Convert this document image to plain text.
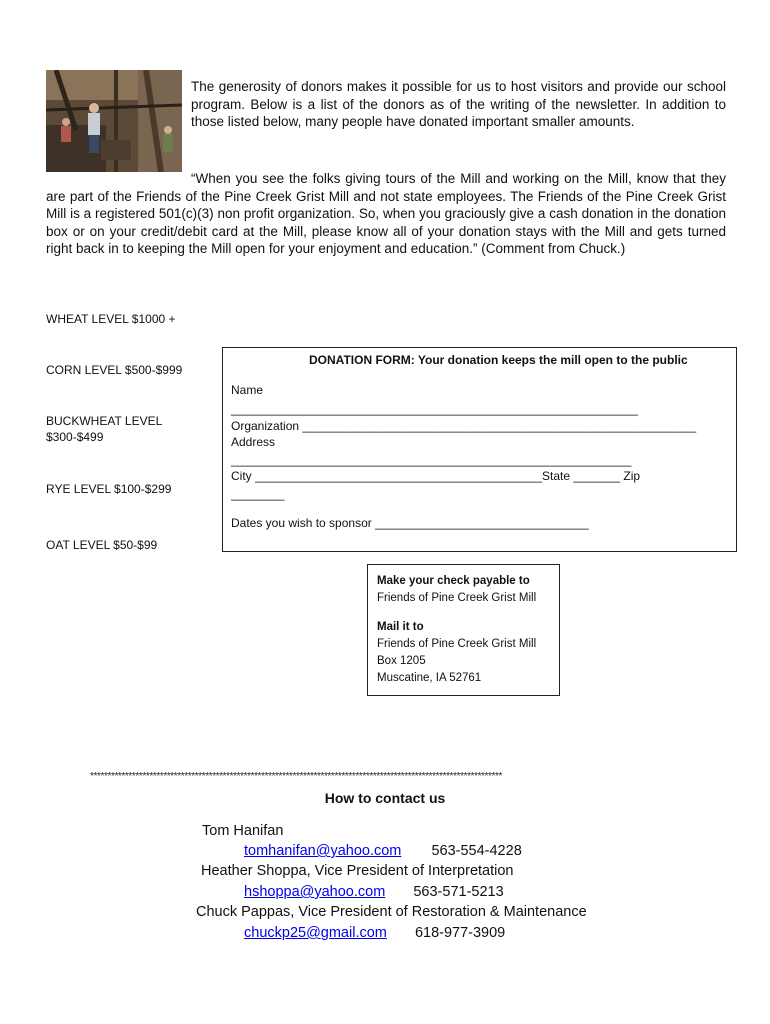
The generosity of donors makes it possible for us to host visitors and provide our school program. Below is a list of the donors as of the writing of the newsletter. In addition to those listed below, many people have donated important smaller amounts.

“When you see the folks giving tours of the Mill and working on the Mill, know that they are part of the Friends of the Pine Creek Grist Mill and not state employees. The Friends of the Pine Creek Grist Mill is a registered 501(c)(3) non profit organization. So, when you graciously give a cash donation in the donation box or on your credit/debit card at the Mill, please know all of your donation stays with the Mill and gets turned right back in to keeping the Mill open for your enjoyment and education.” (Comment from Chuck.)

WHEAT LEVEL $1000 +
CORN LEVEL $500-$999
BUCKWHEAT LEVEL
$300-$499
RYE LEVEL $100-$299
OAT LEVEL $50-$99
DONATION FORM: Your donation keeps the mill open to the public
Name
_____________________________________________________________
Organization ___________________________________________________________
Address
____________________________________________________________
City ___________________________________________State _______ Zip
________
Dates you wish to sponsor ________________________________
Make your check payable to
Friends of Pine Creek Grist Mill
Mail it to
Friends of Pine Creek Grist Mill
Box 1205
Muscatine, IA 52761
**********************************************************************************************************************
How to contact us
Tom Hanifan
tomhanifan@yahoo.com 563-554-4228
Heather Shoppa, Vice President of Interpretation
hshoppa@yahoo.com 563-571-5213
Chuck Pappas, Vice President of Restoration & Maintenance
chuckp25@gmail.com 618-977-3909
